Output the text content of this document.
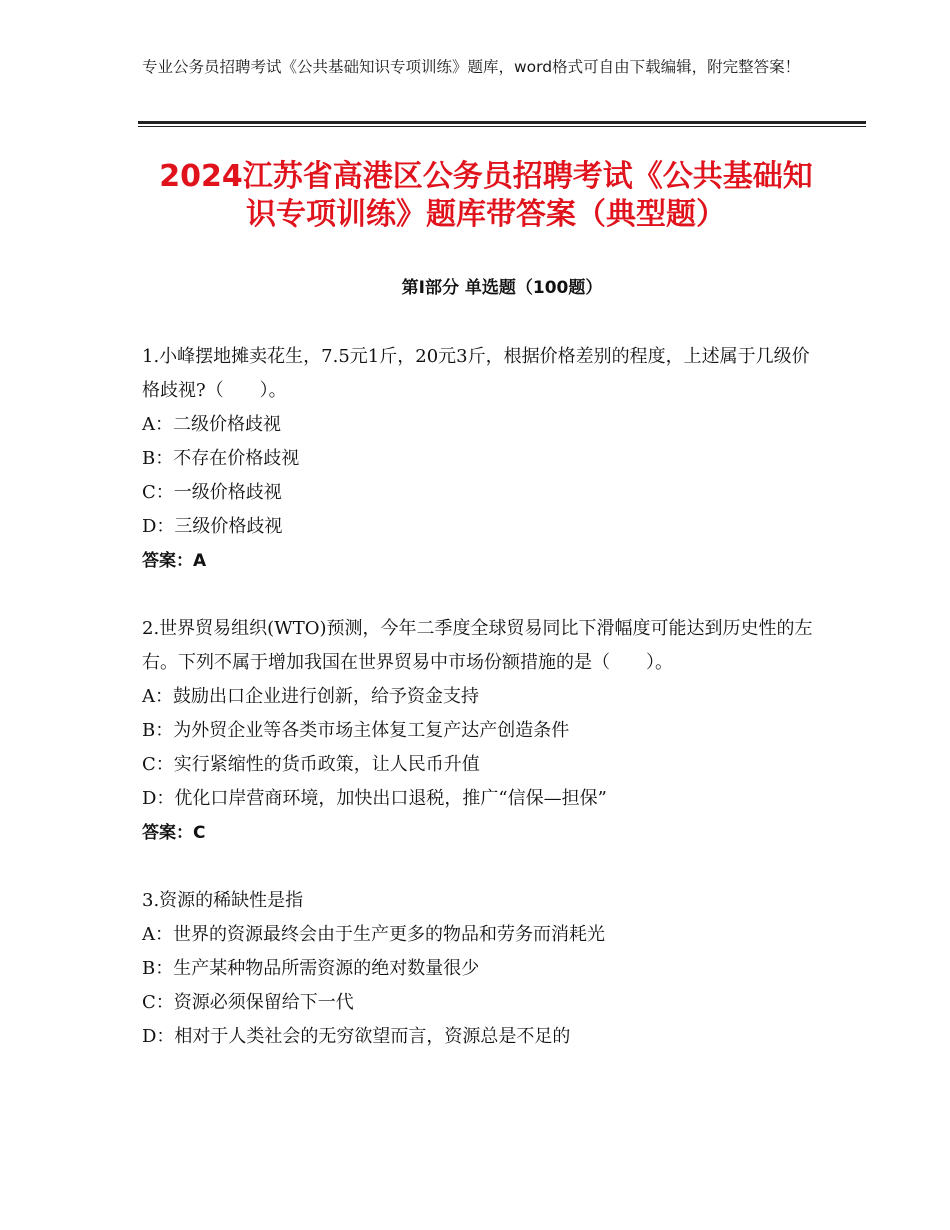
专业公务员招聘考试《公共基础知识专项训练》题库，word格式可自由下载编辑，附完整答案！
2024江苏省高港区公务员招聘考试《公共基础知识专项训练》题库带答案（典型题）
第Ⅰ部分 单选题（100题）

1.小峰摆地摊卖花生，7.5元1斤，20元3斤，根据价格差别的程度，上述属于几级价格歧视?（　　）。

A：二级价格歧视

B：不存在价格歧视

C：一级价格歧视

D：三级价格歧视

答案：A

2.世界贸易组织(WTO)预测，今年二季度全球贸易同比下滑幅度可能达到历史性的左右。下列不属于增加我国在世界贸易中市场份额措施的是（　　）。

A：鼓励出口企业进行创新，给予资金支持

B：为外贸企业等各类市场主体复工复产达产创造条件

C：实行紧缩性的货币政策，让人民币升值

D：优化口岸营商环境，加快出口退税，推广“信保—担保”

答案：C

3.资源的稀缺性是指

A：世界的资源最终会由于生产更多的物品和劳务而消耗光

B：生产某种物品所需资源的绝对数量很少

C：资源必须保留给下一代

D：相对于人类社会的无穷欲望而言，资源总是不足的
